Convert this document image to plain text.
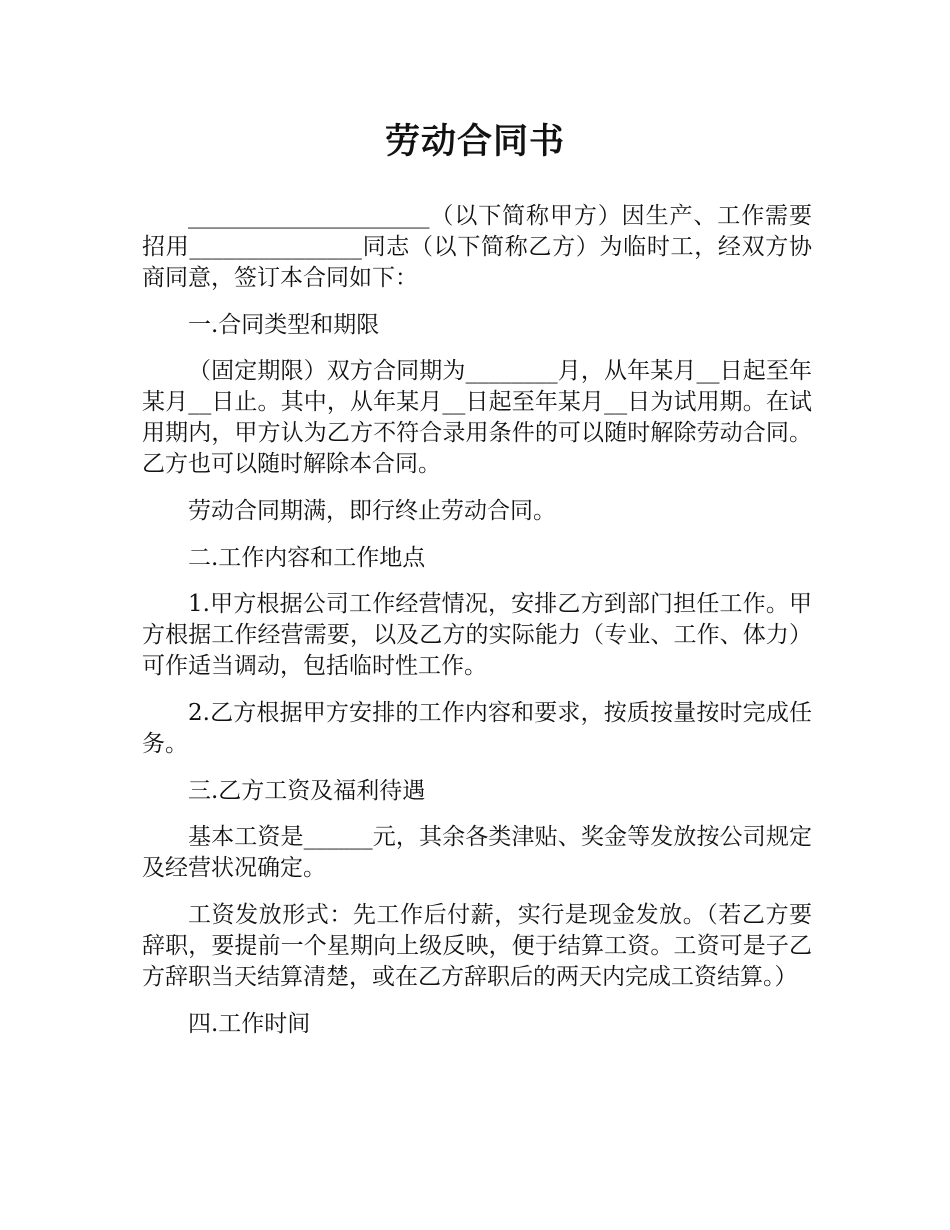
劳动合同书

_____________________（以下简称甲方）因生产、工作需要招用_______________同志（以下简称乙方）为临时工，经双方协商同意，签订本合同如下：

一.合同类型和期限

（固定期限）双方合同期为________月，从年某月__日起至年某月__日止。其中，从年某月__日起至年某月__日为试用期。在试用期内，甲方认为乙方不符合录用条件的可以随时解除劳动合同。乙方也可以随时解除本合同。

劳动合同期满，即行终止劳动合同。

二.工作内容和工作地点

1.甲方根据公司工作经营情况，安排乙方到部门担任工作。甲方根据工作经营需要，以及乙方的实际能力（专业、工作、体力）可作适当调动，包括临时性工作。

2.乙方根据甲方安排的工作内容和要求，按质按量按时完成任务。

三.乙方工资及福利待遇

基本工资是______元，其余各类津贴、奖金等发放按公司规定及经营状况确定。

工资发放形式：先工作后付薪，实行是现金发放。（若乙方要辞职，要提前一个星期向上级反映，便于结算工资。工资可是子乙方辞职当天结算清楚，或在乙方辞职后的两天内完成工资结算。）

四.工作时间
